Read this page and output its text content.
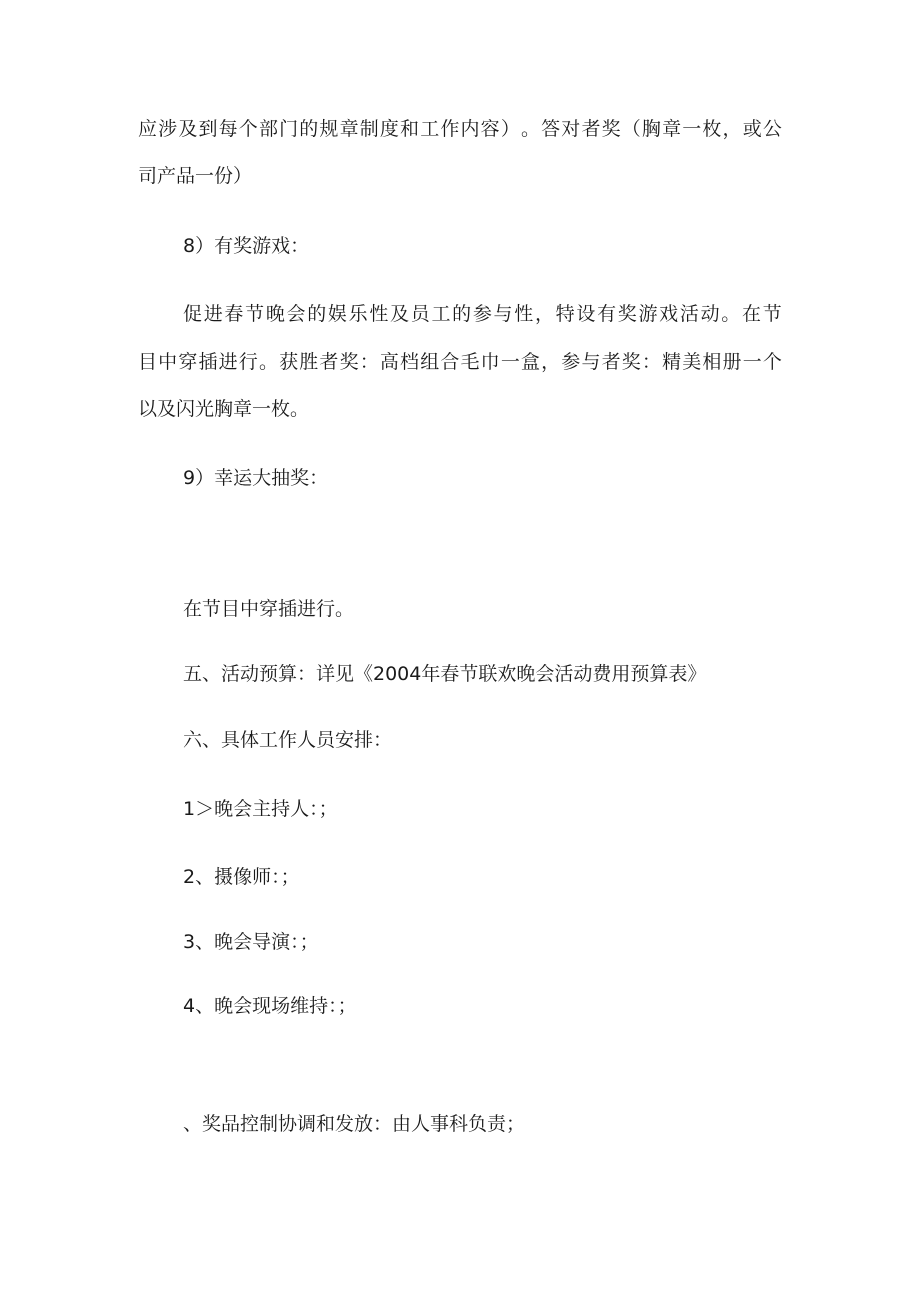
应 涉 及 到 每 个 部 门 的 规 章 制 度 和 工 作 内 容 ） 。 答 对 者 奖 （ 胸 章 一 枚 ， 或 公

司产品一份）

8）有奖游戏：

促 进 春 节 晚 会 的 娱 乐 性 及 员 工 的 参 与 性 ， 特 设 有 奖 游 戏 活 动 。 在 节

目 中 穿 插 进 行 。 获 胜 者 奖 ： 高 档 组 合 毛 巾 一 盒 ， 参 与 者 奖 ： 精 美 相 册 一 个

以及闪光胸章一枚。

9）幸运大抽奖：

在节目中穿插进行。

五、活动预算：详见《2004年春节联欢晚会活动费用预算表》

六、具体工作人员安排：

1＞晚会主持人：；

2、摄像师：；

3、晚会导演：；

4、晚会现场维持：；

、奖品控制协调和发放：由人事科负责；
